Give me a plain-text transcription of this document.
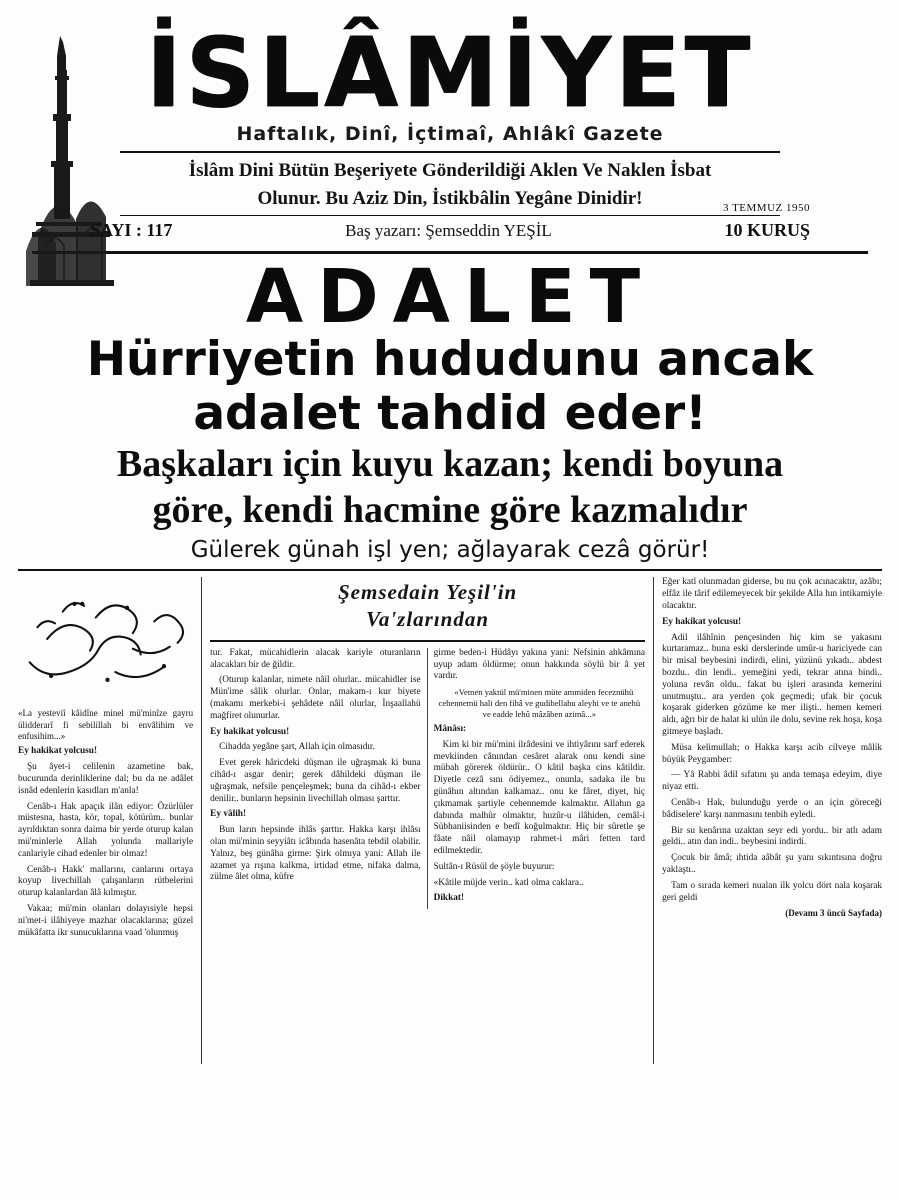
İSLÂMİYET
Haftalık, Dinî, İçtimaî, Ahlâkî Gazete
İslâm Dini Bütün Beşeriyete Gönderildiği Aklen Ve Naklen İsbat
Olunur. Bu Aziz Din, İstikbâlin Yegâne Dinidir!
SAYI : 117	Baş yazarı: Şemseddin YEŞİL	10 KURUŞ
3 TEMMUZ 1950
ADALET
Hürriyetin hududunu ancak
adalet tahdid eder!
Başkaları için kuyu kazan; kendi boyuna
göre, kendi hacmine göre kazmalıdır
Gülerek günah işl yen; ağlayarak cezâ görür!

«La yesteviî kâidîne minel mü'minîze gayru ülidderarî fi sebilillah bi envâlihim ve enfusihim...»

Ey hakikat yolcusu!

Şu âyet-i celilenin azametine bak, bucurunda derinliklerine dal; bu da ne adâlet isnâd edenlerin kasıdları m'anla!

Cenâb-ı Hak apaçık ilân ediyor: Özürlüler müstesna, hasta, kör, topal, kötürüm.. bunlar ayrıldıktan sonra daima bir yerde oturup kalan mü'minlerle Allah yolunda mallariyle canlariyle cihad edenler bir olmaz!

Cenâb-ı Hakk' mallarını, canlarını ortaya koyup livechillah çalışanların rütbelerini oturup kalanlardan âlâ kılmıştır.

Vakaa; mü'min olanları dolayısiyle hepsi ni'met-i ilâhiyeye mazhar olacaklarına; güzel mükâfatta ikr sunucuklarına vaad 'olunmuş

Şemsedain Yeşil'in
Va'zlarından

tur. Fakat, mücahidlerin alacak kariyle oturanların alacakları bir de ğildir.

(Oturup kalanlar, nimete nâil olurlar.. mücahidler ise Mün'ime sâlik olurlar. Onlar, makam-ı kur biyete (makamı merkebi-i şehâdete nâil olurlar, İnşaallahü mağfiret olunurlar.

Ey hakikat yolcusu!

Cihadda yegâne şart, Allah için olmasıdır.

Evet gerek hâricdeki düşman ile uğraşmak ki buna cihâd-ı asgar denir; gerek dâhildeki düşman ile uğraşmak, nefsile pençeleşmek; buna da cihâd-ı ekber denilir.. bunların hepsinin livechillah olması şarttır.

Ey vâlih!

Bun ların hepsinde ihlâs şarttır. Hakka karşı ihlâsı olan mü'minin seyyiâtı icâbında hasenâta tebdil olabilir. Yalnız, beş günâha girme: Şirk olmıya yani: Allah ile azamet ya rışına kalkma, irtidad etme, nifaka dalma, zülme âlet olma, küfre

girme beden-i Hüdâyı yakına yani: Nefsinin ahkâmına uyup adam öldürme; onun hakkında söylü bir â yet vardır.

«Vemen yaktül mü'minen müte ammiden feceznühü cehennemü hali den fihâ ve gudibellahu aleyhi ve te anehü ve eadde lehû mâzâben azimâ...»

Mânâsı:

Kim ki bir mü'mini ilrâdesini ve ihtiyârını sarf ederek mevkiinden cânından cesâret alarak onu kendi sine mübah görerek öldürür.. O kâtil başka cins kâtildir. Diyetle cezâ sını ödiyemez., onunla, sadaka ile bu günâhın altından kalkamaz.. onu ke fâret, diyet, hiç çıkmamak şartiyle cehennemde kalmaktır. Allahın ga dabında malhûr olmaktır, huzûr-u ilâhiden, cemâl-i Sübhaniisinden e bedî koğulmaktır. Hiç bir sûretle şe fâate nâil olamayıp rahmet-i mâri fetten tard edilmektedir.

Sultân-ı Rüsül de şöyle buyurur:

«Kâtile müjde verin.. katl olma caklara..

Dikkat!

Eğer katl olunmadan giderse, bu nu çok acınacaktır, azâbı; elfâz ile târif edilemeyecek bir şekilde Alla hın intikamiyle olacaktır.

Ey hakikat yolcusu!

Adil ilâhînin pençesinden hiç kim se yakasını kurtaramaz.. buna eski derslerinde umûr-u hariciyede can bir misal beybesini indirdi, elini, yüzünü yıkadı.. abdest bozdu.. din lendi.. yemeğini yedi, tekrar atına bindi.. yoluna revân oldu.. fakat bu işleri arasında kemerini unutmuştu.. ara yerden çok geçmedi; ufak bir çocuk koşarak giderken gözüme ke mer ilişti.. hemen kemeri aldı, ağrı bir de halat ki ulün ile dolu, sevine rek hoşa, koşa gitmeye başladı.

Müsa kelimullah; o Hakka karşı acib cilveye mâlik büyük Peygamber:

— Yâ Rabbi âdil sıfatını şu anda temaşa edeyim, diye niyaz etti.

Cenâb-ı Hak, bulunduğu yerde o an için göreceği bâdiselere' karşı nanmasını tenbih eyledi.

Bir su kenârına uzaktan seyr edi yordu.. bir atlı adam geldi.. atın dan indi.. beybesini indirdi.

Çocuk bir âmâ; ıhtida aâbât şu yanı sıkıntısına doğru yaklaştı..

Tam o sırada kemeri nualan ilk yolcu dört nala koşarak geri geldi

(Devamı 3 üncü Sayfada)
